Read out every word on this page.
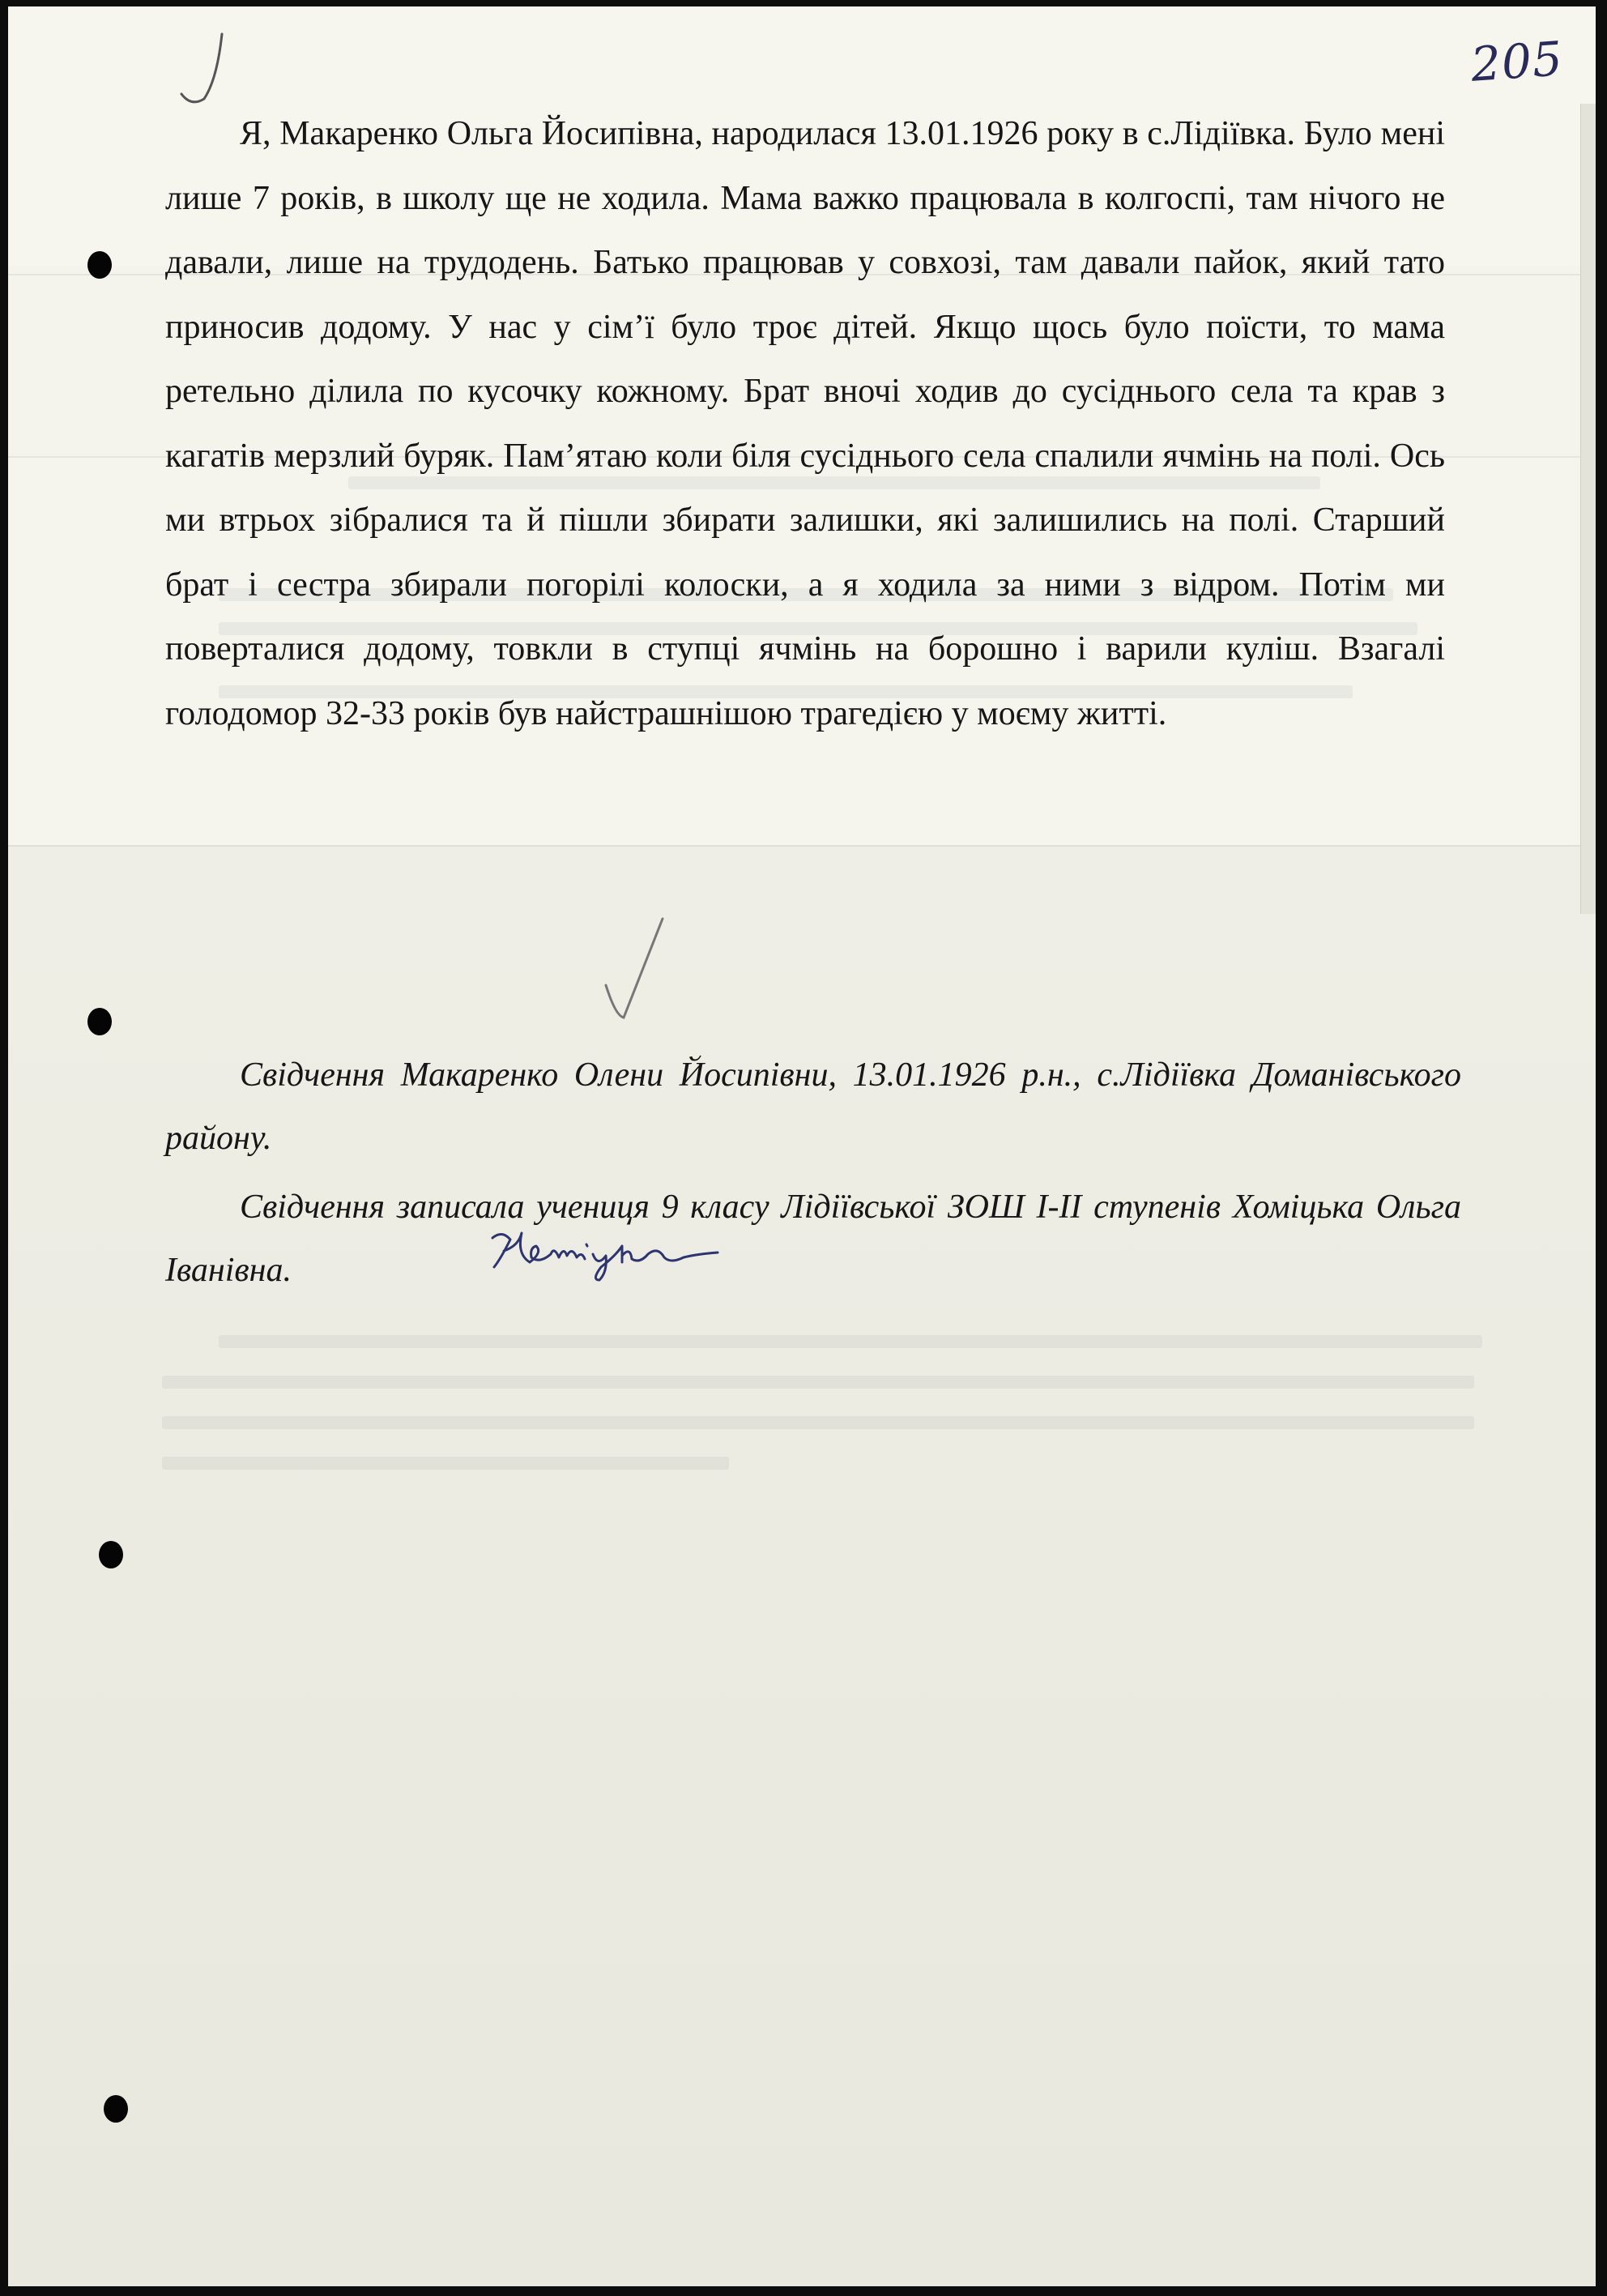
205

Я, Макаренко Ольга Йосипівна, народилася 13.01.1926 року в с.Лідіївка. Було мені лише 7 років, в школу ще не ходила. Мама важко працювала в колгоспі, там нічого не давали, лише на трудодень. Батько працював у совхозі, там давали пайок, який тато приносив додому. У нас у сім’ї було троє дітей. Якщо щось було поїсти, то мама ретельно ділила по кусочку кожному. Брат вночі ходив до сусіднього села та крав з кагатів мерзлий буряк. Пам’ятаю коли біля сусіднього села спалили ячмінь на полі. Ось ми втрьох зібралися та й пішли збирати залишки, які залишились на полі. Старший брат і сестра збирали погорілі колоски, а я ходила за ними з відром. Потім ми поверталися додому, товкли в ступці ячмінь на борошно і варили куліш. Взагалі голодомор 32-33 років був найстрашнішою трагедією у моєму житті.

Свідчення Макаренко Олени Йосипівни, 13.01.1926 р.н., с.Лідіївка Доманівського району.

Свідчення записала учениця 9 класу Лідіївської ЗОШ І-ІІ ступенів Хоміцька Ольга Іванівна.
